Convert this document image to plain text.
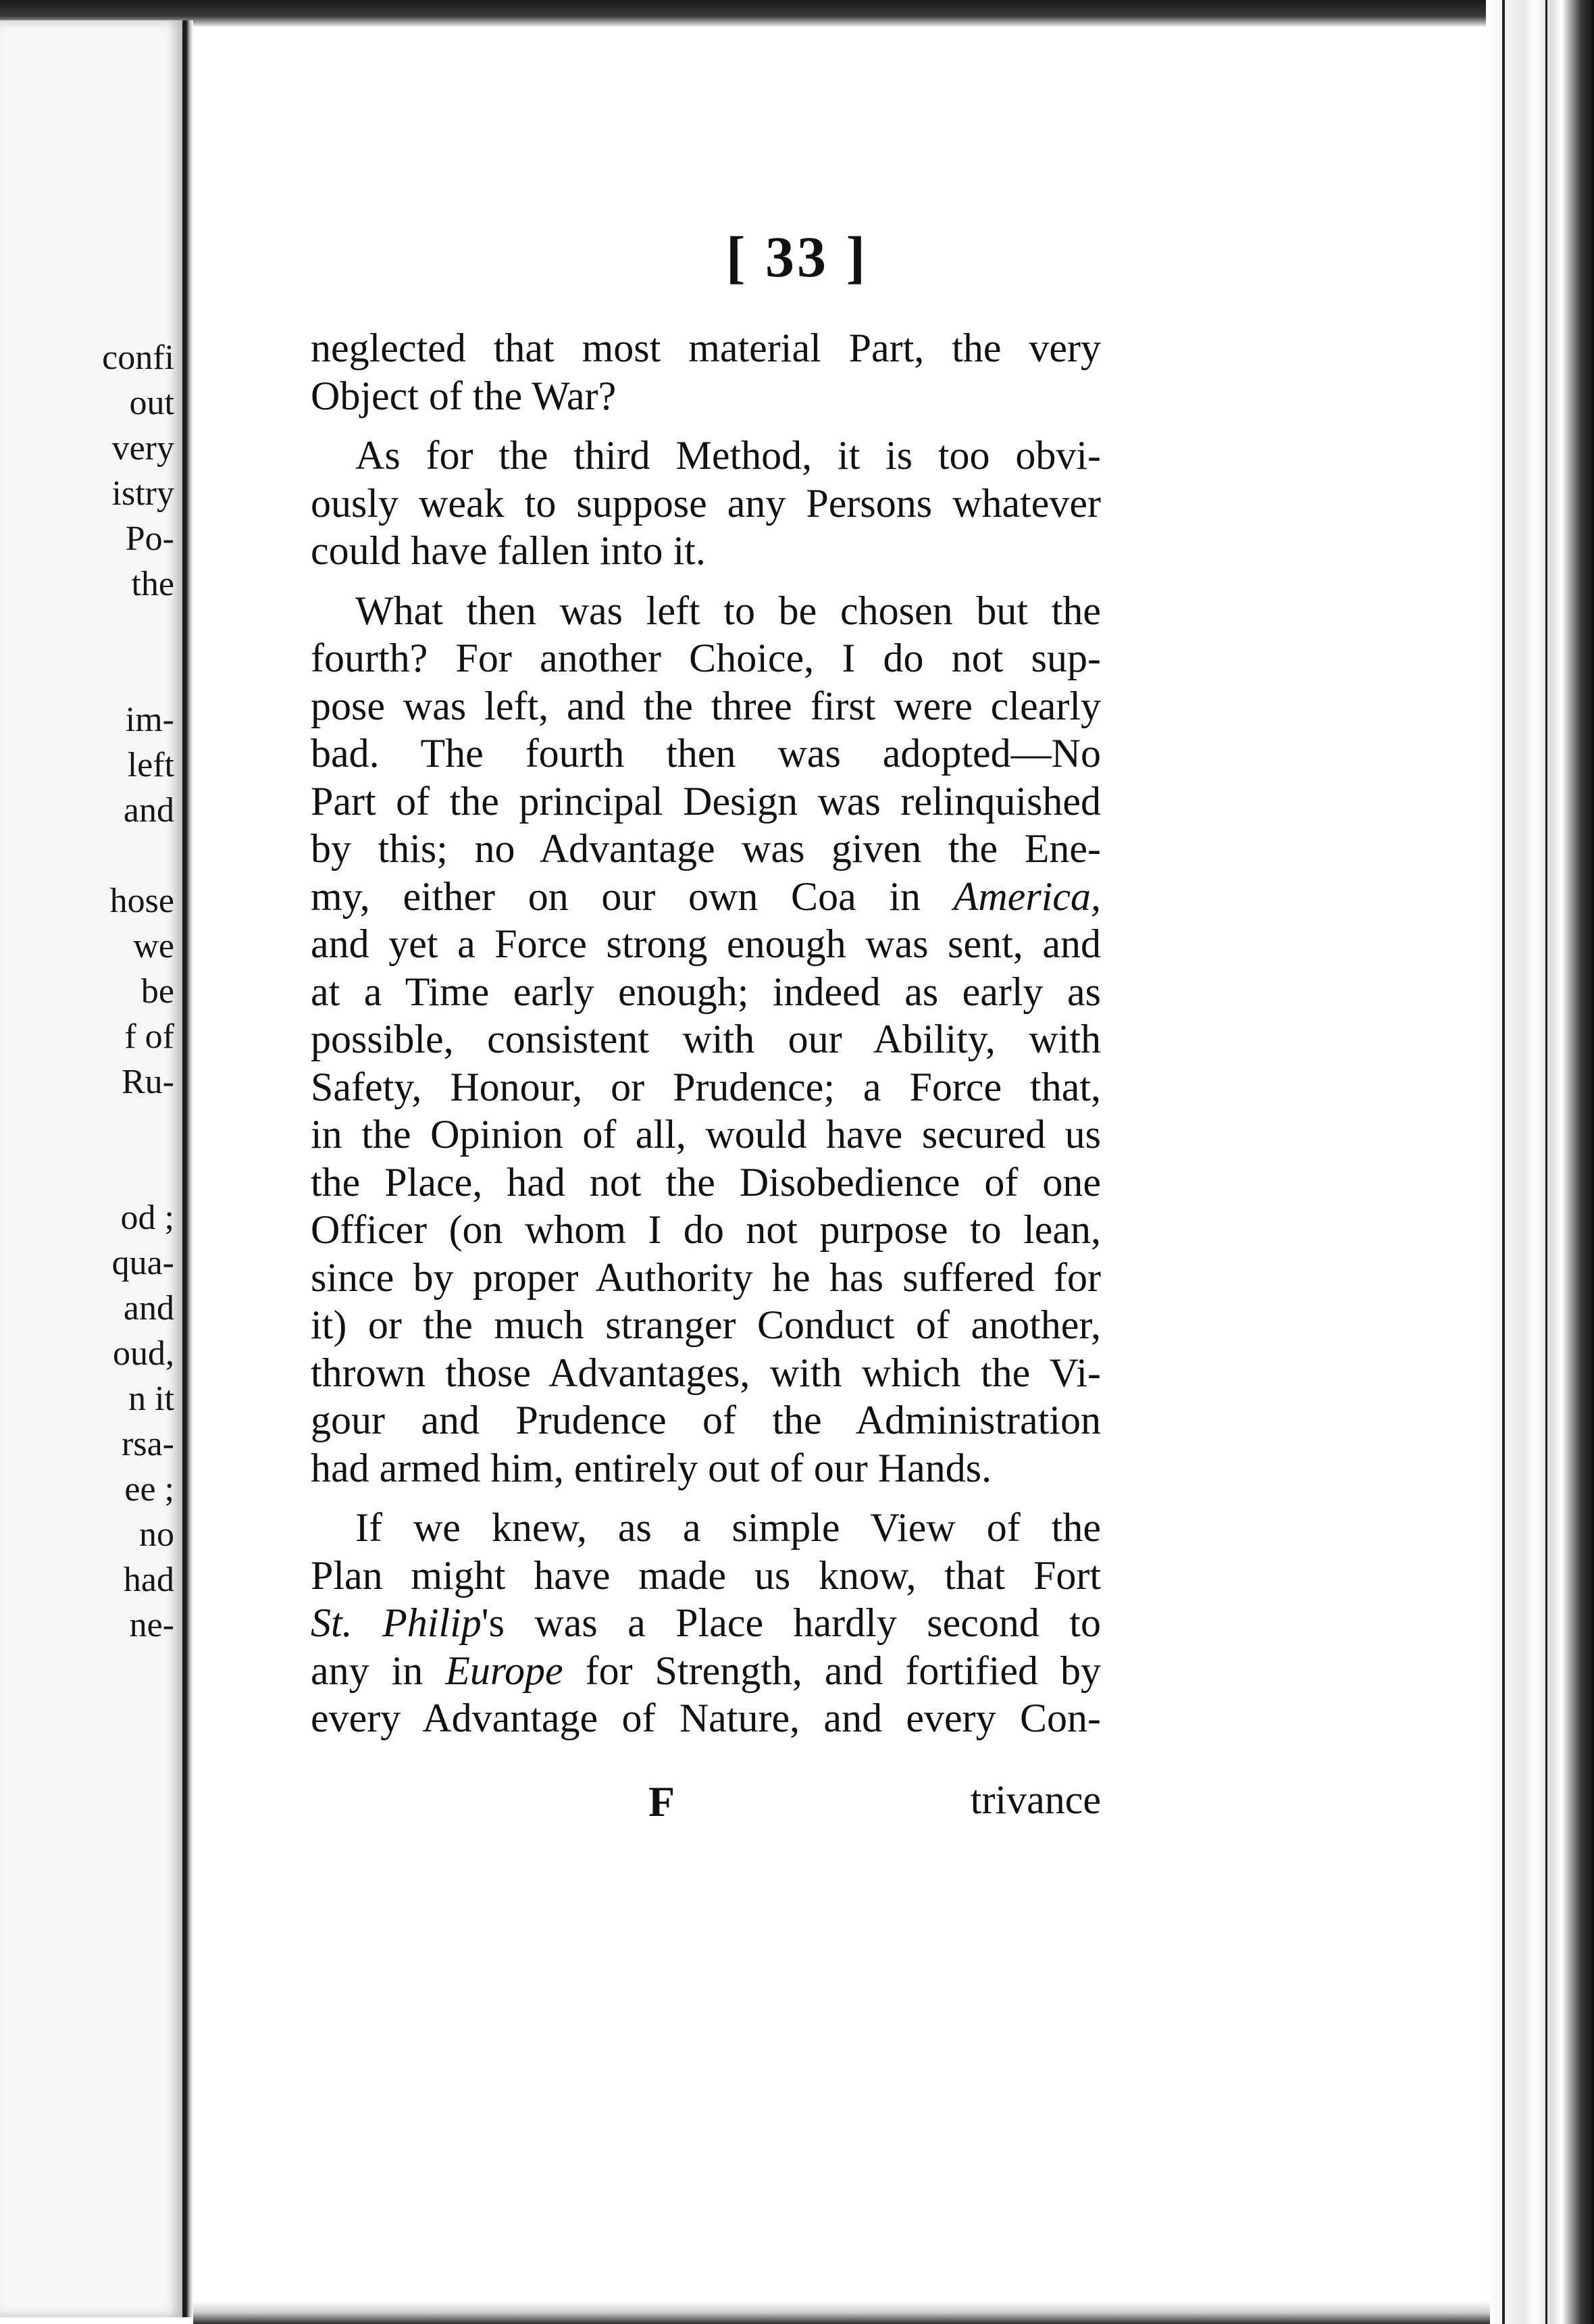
confi
out
very
istry
Po-
the
im-
left
and
hose
we
be
f of
Ru-
od ;
qua-
and
oud,
n it
rsa-
ee ;
no
had
ne-
[ 33 ]
neglected that most material Part, the very
Object of the War?
As for the third Method, it is too obvi-
ously weak to suppose any Persons whatever
could have fallen into it.
What then was left to be chosen but the
fourth? For another Choice, I do not sup-
pose was left, and the three first were clearly
bad. The fourth then was adopted—No
Part of the principal Design was relinquished
by this; no Advantage was given the Ene-
my, either on our own Coa in America,
and yet a Force strong enough was sent, and
at a Time early enough; indeed as early as
possible, consistent with our Ability, with
Safety, Honour, or Prudence; a Force that,
in the Opinion of all, would have secured us
the Place, had not the Disobedience of one
Officer (on whom I do not purpose to lean,
since by proper Authority he has suffered for
it) or the much stranger Conduct of another,
thrown those Advantages, with which the Vi-
gour and Prudence of the Administration
had armed him, entirely out of our Hands.
If we knew, as a simple View of the
Plan might have made us know, that Fort
St. Philip's was a Place hardly second to
any in Europe for Strength, and fortified by
every Advantage of Nature, and every Con-
F	trivance
